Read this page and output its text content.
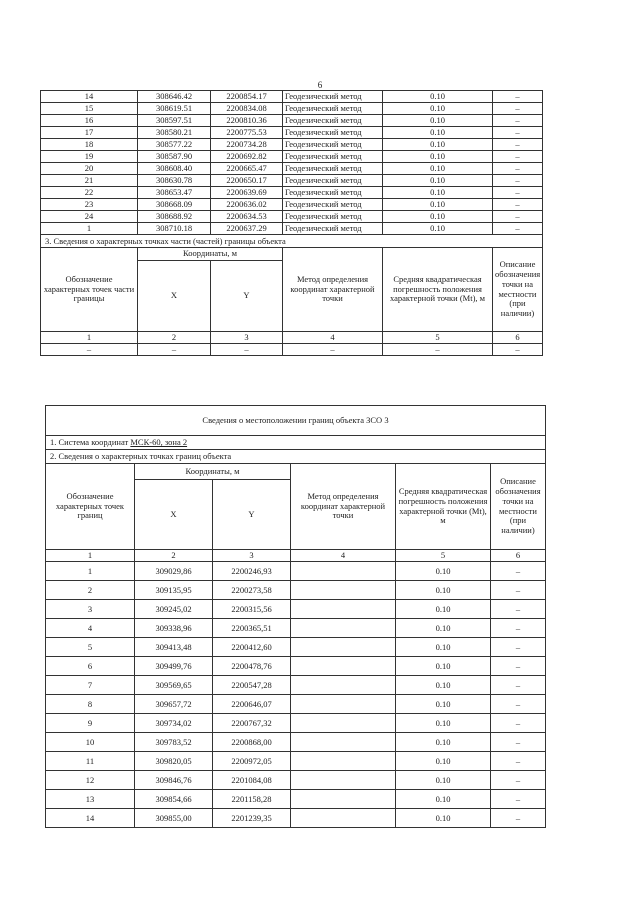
6
14	308646.42	2200854.17	Геодезический метод	0.10	–
15	308619.51	2200834.08	Геодезический метод	0.10	–
16	308597.51	2200810.36	Геодезический метод	0.10	–
17	308580.21	2200775.53	Геодезический метод	0.10	–
18	308577.22	2200734.28	Геодезический метод	0.10	–
19	308587.90	2200692.82	Геодезический метод	0.10	–
20	308608.40	2200665.47	Геодезический метод	0.10	–
21	308630.78	2200650.17	Геодезический метод	0.10	–
22	308653.47	2200639.69	Геодезический метод	0.10	–
23	308668.09	2200636.02	Геодезический метод	0.10	–
24	308688.92	2200634.53	Геодезический метод	0.10	–
1	308710.18	2200637.29	Геодезический метод	0.10	–
3. Сведения о характерных точках части (частей) границы объекта					
Обозначение характерных точек части границы	Координаты, м		Метод определения координат характерной точки	Средняя квадратическая погрешность положения характерной точки (Mt), м	Описание обозначения точки на местности (при наличии)
	X	Y			
1	2	3	4	5	6
–	–	–	–	–	–
Сведения о местоположении границ объекта ЗСО 3					
1. Система координат МСК-60, зона 2					
2. Сведения о характерных точках границ объекта					
Обозначение характерных точек границ	Координаты, м		Метод определения координат характерной точки	Средняя квадратическая погрешность положения характерной точки (Mt), м	Описание обозначения точки на местности (при наличии)
	X	Y			
1	2	3	4	5	6
1	309029,86	2200246,93		0.10	–
2	309135,95	2200273,58		0.10	–
3	309245,02	2200315,56		0.10	–
4	309338,96	2200365,51		0.10	–
5	309413,48	2200412,60		0.10	–
6	309499,76	2200478,76		0.10	–
7	309569,65	2200547,28		0.10	–
8	309657,72	2200646,07		0.10	–
9	309734,02	2200767,32		0.10	–
10	309783,52	2200868,00		0.10	–
11	309820,05	2200972,05		0.10	–
12	309846,76	2201084,08		0.10	–
13	309854,66	2201158,28		0.10	–
14	309855,00	2201239,35		0.10	–
